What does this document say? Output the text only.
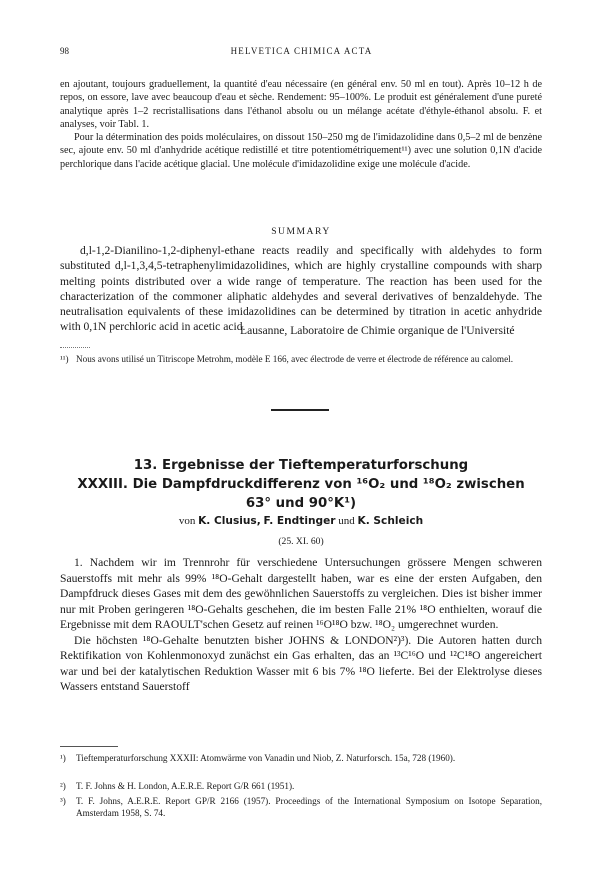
98	HELVETICA CHIMICA ACTA
en ajoutant, toujours graduellement, la quantité d'eau nécessaire (en général env. 50 ml en tout). Après 10–12 h de repos, on essore, lave avec beaucoup d'eau et sèche. Rendement: 95–100%. Le produit est généralement d'une pureté analytique après 1–2 recristallisations dans l'éthanol absolu ou un mélange acétate d'éthyle-éthanol absolu. F. et analyses, voir Tabl. 1.
Pour la détermination des poids moléculaires, on dissout 150–250 mg de l'imidazolidine dans 0,5–2 ml de benzène sec, ajoute env. 50 ml d'anhydride acétique redistillé et titre potentiométriquement¹¹) avec une solution 0,1N d'acide perchlorique dans l'acide acétique glacial. Une molécule d'imidazolidine exige une molécule d'acide.
SUMMARY
d,l-1,2-Dianilino-1,2-diphenyl-ethane reacts readily and specifically with aldehydes to form substituted d,l-1,3,4,5-tetraphenylimidazolidines, which are highly crystalline compounds with sharp melting points distributed over a wide range of temperature. The reaction has been used for the characterization of the commoner aliphatic aldehydes and several derivatives of benzaldehyde. The neutralisation equivalents of these imidazolidines can be determined by titration in acetic anhydride with 0,1N perchloric acid in acetic acid.
Lausanne, Laboratoire de Chimie organique de l'Université
¹¹) Nous avons utilisé un Titriscope Metrohm, modèle E 166, avec électrode de verre et électrode de référence au calomel.
13. Ergebnisse der Tieftemperaturforschung
XXXIII. Die Dampfdruckdifferenz von ¹⁶O₂ und ¹⁸O₂ zwischen
63° und 90°K¹)
von K. Clusius, F. Endtinger und K. Schleich
(25. XI. 60)
1. Nachdem wir im Trennrohr für verschiedene Untersuchungen grössere Mengen schweren Sauerstoffs mit mehr als 99% ¹⁸O-Gehalt dargestellt haben, war es eine der ersten Aufgaben, den Dampfdruck dieses Gases mit dem des gewöhnlichen Sauerstoffs zu vergleichen. Dies ist bisher immer nur mit Proben geringeren ¹⁸O-Gehalts geschehen, die im besten Falle 21% ¹⁸O enthielten, worauf die Ergebnisse mit dem RAOULT'schen Gesetz auf reinen ¹⁶O¹⁸O bzw. ¹⁸O₂ umgerechnet wurden.
Die höchsten ¹⁸O-Gehalte benutzten bisher JOHNS & LONDON²)³). Die Autoren hatten durch Rektifikation von Kohlenmonoxyd zunächst ein Gas erhalten, das an ¹³C¹⁶O und ¹²C¹⁸O angereichert war und bei der katalytischen Reduktion Wasser mit 6 bis 7% ¹⁸O lieferte. Bei der Elektrolyse dieses Wassers entstand Sauerstoff
¹)	Tieftemperaturforschung XXXII: Atomwärme von Vanadin und Niob, Z. Naturforsch. 15a, 728 (1960).
²)	T. F. Johns & H. London, A.E.R.E. Report G/R 661 (1951).
³)	T. F. Johns, A.E.R.E. Report GP/R 2166 (1957). Proceedings of the International Symposium on Isotope Separation, Amsterdam 1958, S. 74.
